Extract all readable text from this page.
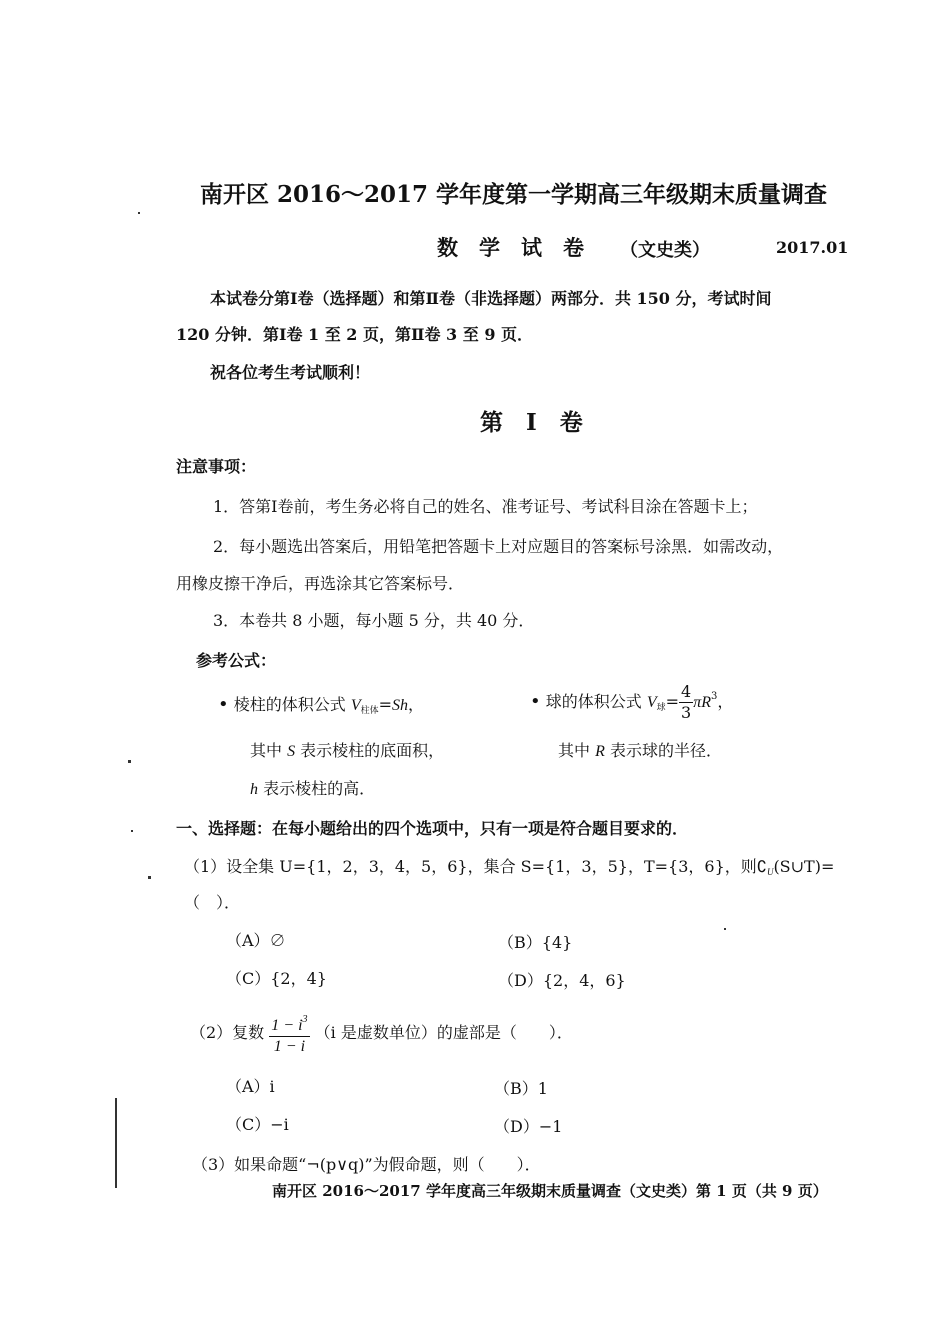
南开区 2016～2017 学年度第一学期高三年级期末质量调查
数　学　试　卷 （文史类）	2017.01
本试卷分第Ⅰ卷（选择题）和第Ⅱ卷（非选择题）两部分．共 150 分，考试时间
120 分钟．第Ⅰ卷 1 至 2 页，第Ⅱ卷 3 至 9 页．
祝各位考生考试顺利！
第　Ⅰ　卷
注意事项：
1．答第Ⅰ卷前，考生务必将自己的姓名、准考证号、考试科目涂在答题卡上；
2．每小题选出答案后，用铅笔把答题卡上对应题目的答案标号涂黑．如需改动，
用橡皮擦干净后，再选涂其它答案标号．
3．本卷共 8 小题，每小题 5 分，共 40 分．
参考公式：
• 棱柱的体积公式 $V_{柱体}=Sh$，
其中 S 表示棱柱的底面积，
h 表示棱柱的高．
• 球的体积公式 $V_球= \frac{4}{3} \pi R^3$，
其中 R 表示球的半径．
一、选择题：在每小题给出的四个选项中，只有一项是符合题目要求的．
（1）设全集 U={1，2，3，4，5，6}，集合 S={1，3，5}，T={3，6}，则$∁_U(S\cup T)=$
（　）．
（A）∅	（B）{4}
（C）{2，4}	（D）{2，4，6}
（2）复数 $\frac{1 - i^3}{1 - i} (i$ 是虚数单位）的虚部是（　　）．
（A）i	（B）1
（C）−i	（D）−1
（3）如果命题“¬(p∨q)”为假命题，则（　　）．
南开区 2016～2017 学年度高三年级期末质量调查（文史类）第 1 页（共 9 页）
